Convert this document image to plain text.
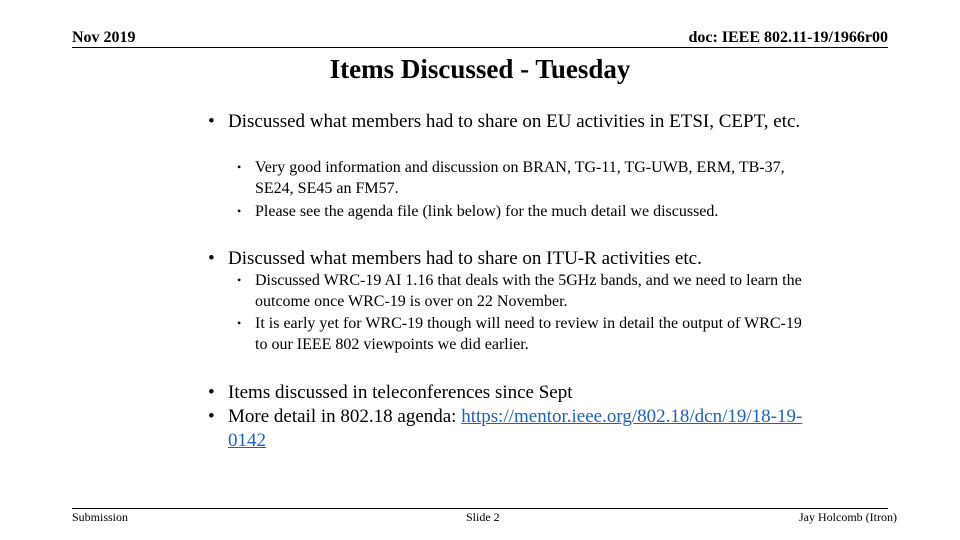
Nov 2019	doc: IEEE 802.11-19/1966r00
Items Discussed - Tuesday
• Discussed what members had to share on EU activities in ETSI, CEPT, etc.
• Very good information and discussion on BRAN, TG-11, TG-UWB, ERM, TB-37, SE24, SE45 an FM57.
• Please see the agenda file (link below) for the much detail we discussed.
• Discussed what members had to share on ITU-R activities etc.
• Discussed WRC-19 AI 1.16 that deals with the 5GHz bands, and we need to learn the outcome once WRC-19 is over on 22 November.
• It is early yet for WRC-19 though will need to review in detail the output of WRC-19 to our IEEE 802 viewpoints we did earlier.
• Items discussed in teleconferences since Sept
• More detail in 802.18 agenda: https://mentor.ieee.org/802.18/dcn/19/18-19-0142
Submission	Slide 2	Jay Holcomb (Itron)
